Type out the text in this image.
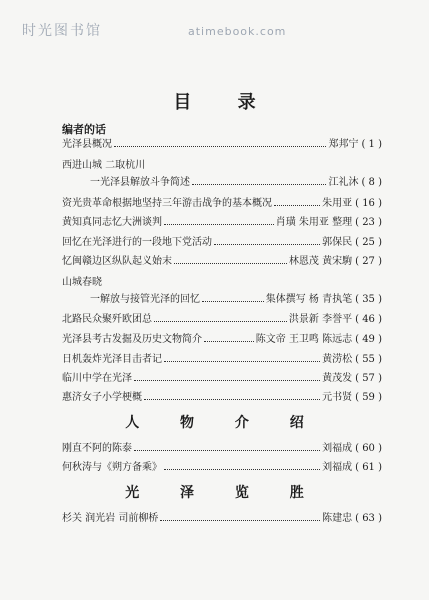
时光图书馆	atimebook.com
目 录
编者的话
光泽县概况	郑邦宁 ( 1 )
西进山城 二取杭川
一光泽县解放斗争简述	江礼沐 ( 8 )
资光贵革命根据地坚持三年游击战争的基本概况	朱用亚 ( 16 )
黄知真同志忆大洲谈判	肖璜 朱用亚 整理 ( 23 )
回忆在光泽进行的一段地下党活动	郭保民 ( 25 )
忆闽赣边区纵队起义始末	林恩茂 黄宋駒 ( 27 )
山城春晓
一解放与接管光泽的回忆	集体撰写 杨 青执笔 ( 35 )
北路民众聚歼欧团总	洪景新 李誉平 ( 46 )
光泽县考古发掘及历史文物简介	陈文帝 王卫鸣 陈远志 ( 49 )
日机轰炸光泽目击者记	黄涝松 ( 55 )
临川中学在光泽	黄茂发 ( 57 )
惠济女子小学梗概	元书贤 ( 59 )
人 物 介 绍
刚直不阿的陈泰	刘福成 ( 60 )
何秋涛与《朔方备乘》	刘福成 ( 61 )
光 泽 览 胜
杉关 润光岩 司前柳桥	陈建忠 ( 63 )
